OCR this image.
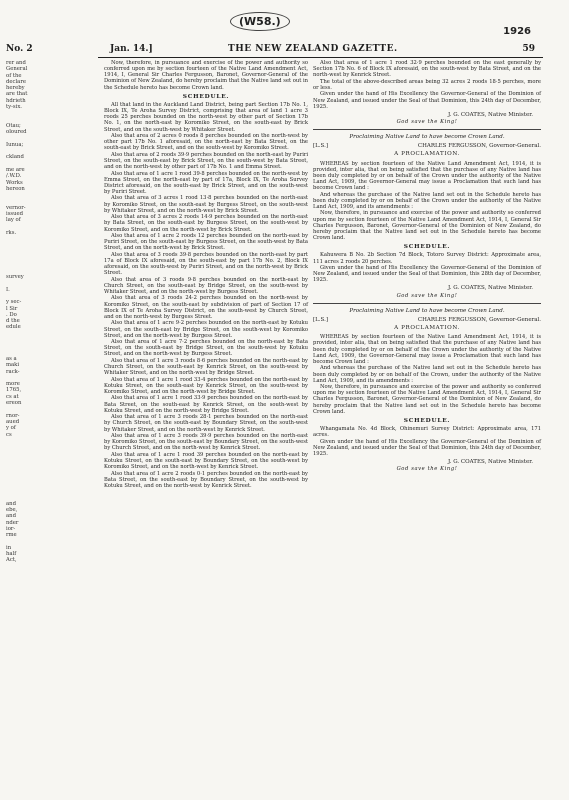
(W58.)
1926
No. 2	Jan. 14.]	THE NEW ZEALAND GAZETTE.	59
rer and
General
of the
declare
hereby
are that
hdrieth
ty-six.

Otau;
oloured

Iunua;

ckland

me are
/.W.D.
Works
hereon

vernor-
issued
lay of

rks.

survey

I.

y sec-
l Sir
. Do
d the
edule

as a
maki
rack-

more
1765,
cs at
ereon

rnor-
aued
y of
cs

and
ebe,
and
nder
ior-
rme

in
half
Act,

Now, therefore, in pursuance and exercise of the power and authority so conferred upon me by section fourteen of the Native Land Amendment Act, 1914, I, General Sir Charles Fergusson, Baronet, Governor-General of the Dominion of New Zealand, do hereby proclaim that the Native land set out in the Schedule hereto has become Crown land.

SCHEDULE.

All that land in the Auckland Land District, being part Section 17b No. 1, Block IX, Te Aroha Survey District, comprising that area of land 1 acre 3 roods 25 perches bounded on the north-west by other part of Section 17b No. 1, on the north-east by Koromiko Street, on the south-east by Brick Street, and on the south-west by Whitaker Street.

Also that area of 2 acres 0 roods 8 perches bounded on the north-west by other part 17b No. 1 aforesaid, on the north-east by Bata Street, on the south-east by Brick Street, and on the south-west by Koromiko Street.

Also that area of 2 roods 39·9 perches bounded on the north-east by Puriri Street, on the south-east by Brick Street, on the south-west by Bata Street, and on the north-west by other part of 17b No. 1 and Emma Street.

Also that area of 1 acre 1 rood 39·8 perches bounded on the north-west by Emma Street, on the north-east by part of 17a, Block IX, Te Aroha Survey District aforesaid, on the south-east by Brick Street, and on the south-west by Puriri Street.

Also that area of 3 acres 1 rood 13·8 perches bounded on the north-east by Koromiko Street, on the south-east by Burgess Street, on the south-west by Whitaker Street, and on the north-west by Brick Street.

Also that area of 3 acres 2 roods 14·9 perches bounded on the north-east by Bata Street, on the south-east by Burgess Street, on the south-west by Koromiko Street, and on the north-west by Brick Street.

Also that area of 1 acre 2 roods 12 perches bounded on the north-east by Puriri Street, on the south-east by Burgess Street, on the south-west by Bata Street, and on the north-west by Brick Street.

Also that area of 3 roods 39·8 perches bounded on the north-east by part 17a of Block IX aforesaid, on the south-east by part 17b No. 2, Block IX aforesaid, on the south-west by Puriri Street, and on the north-west by Brick Street.

Also that area of 3 roods 9·8 perches bounded on the north-east by Church Street, on the south-east by Bridge Street, on the south-west by Whitaker Street, and on the north-west by Burgess Street.

Also that area of 3 roods 24·2 perches bounded on the north-west by Koromiko Street, on the south-east by subdivision of part of Section 17 of Block IX of Te Aroha Survey District, on the south-west by Church Street, and on the north-west by Burgess Street.

Also that area of 1 acre 9·2 perches bounded on the north-east by Kotuku Street, on the south-east by Bridge Street, on the south-west by Koromiko Street, and on the north-west by Burgess Street.

Also that area of 1 acre 7·2 perches bounded on the north-east by Bata Street, on the south-east by Bridge Street, on the south-west by Kotuku Street, and on the north-west by Burgess Street.

Also that area of 1 acre 3 roods 8·6 perches bounded on the north-east by Church Street, on the south-east by Kenrick Street, on the south-west by Whitaker Street, and on the north-west by Bridge Street.

Also that area of 1 acre 1 rood 33·4 perches bounded on the north-east by Kotuku Street, on the south-east by Kenrick Street, on the south-west by Koromiko Street, and on the north-west by Bridge Street.

Also that area of 1 acre 1 rood 33·9 perches bounded on the north-east by Bata Street, on the south-east by Kenrick Street, on the south-west by Kotuku Street, and on the north-west by Bridge Street.

Also that area of 1 acre 3 roods 28·1 perches bounded on the north-east by Church Street, on the south-east by Boundary Street, on the south-west by Whitaker Street, and on the north-west by Kenrick Street.

Also that area of 1 acre 3 roods 39·9 perches bounded on the north-east by Koromiko Street, on the south-east by Boundary Street, on the south-west by Church Street, and on the north-west by Kenrick Street.

Also that area of 1 acre 1 rood 39 perches bounded on the north-east by Kotuku Street, on the south-east by Boundary Street, on the south-west by Koromiko Street, and on the north-west by Kenrick Street.

Also that area of 1 acre 2 roods 0·1 perches bounded on the north-east by Bata Street, on the south-east by Boundary Street, on the south-west by Kotuku Street, and on the north-west by Kenrick Street.

Also that area of 1 acre 1 rood 32·9 perches bounded on the east generally by Section 17b No. 6 of Block IX aforesaid, on the south-west by Bata Street, and on the north-west by Kenrick Street.

The total of the above-described areas being 32 acres 2 roods 18·5 perches, more or less.

Given under the hand of His Excellency the Governor-General of the Dominion of New Zealand, and issued under the Seal of that Dominion, this 24th day of December, 1925.

J. G. COATES, Native Minister.

God save the King!

Proclaiming Native Land to have become Crown Land.

[L.S.]	CHARLES FERGUSSON, Governor-General.

A PROCLAMATION.

WHEREAS by section fourteen of the Native Land Amendment Act, 1914, it is provided, inter alia, that on being satisfied that the purchase of any Native land has been duly completed by or on behalf of the Crown under the authority of the Native Land Act, 1909, the Governor-General may issue a Proclamation that such land has become Crown land :

And whereas the purchase of the Native land set out in the Schedule hereto has been duly completed by or on behalf of the Crown under the authority of the Native Land Act, 1909, and its amendments :

Now, therefore, in pursuance and exercise of the power and authority so conferred upon me by section fourteen of the Native Land Amendment Act, 1914, I, General Sir Charles Fergusson, Baronet, Governor-General of the Dominion of New Zealand, do hereby proclaim that the Native land set out in the Schedule hereto has become Crown land.

SCHEDULE.

Kahuwera B No. 2b Section 7d Block, Totoro Survey District: Approximate area, 111 acres 2 roods 20 perches.

Given under the hand of His Excellency the Governor-General of the Dominion of New Zealand, and issued under the Seal of that Dominion, this 28th day of December, 1925.

J. G. COATES, Native Minister.

God save the King!

Proclaiming Native Land to have become Crown Land.

[L.S.]	CHARLES FERGUSSON, Governor-General.

A PROCLAMATION.

WHEREAS by section fourteen of the Native Land Amendment Act, 1914, it is provided, inter alia, that on being satisfied that the purchase of any Native land has been duly completed by or on behalf of the Crown under the authority of the Native Land Act, 1909, the Governor-General may issue a Proclamation that such land has become Crown land :

And whereas the purchase of the Native land set out in the Schedule hereto has been duly completed by or on behalf of the Crown, under the authority of the Native Land Act, 1909, and its amendments :

Now, therefore, in pursuance and exercise of the power and authority so conferred upon me by section fourteen of the Native Land Amendment Act, 1914, I, General Sir Charles Fergusson, Baronet, Governor-General of the Dominion of New Zealand, do hereby proclaim that the Native land set out in the Schedule hereto has become Crown land.

SCHEDULE.

Whangamata No. 4d Block, Ohinemuri Survey District: Approximate area, 171 acres.

Given under the hand of His Excellency the Governor-General of the Dominion of New Zealand, and issued under the Seal of that Dominion, this 24th day of December, 1925.

J. G. COATES, Native Minister.

God save the King!
